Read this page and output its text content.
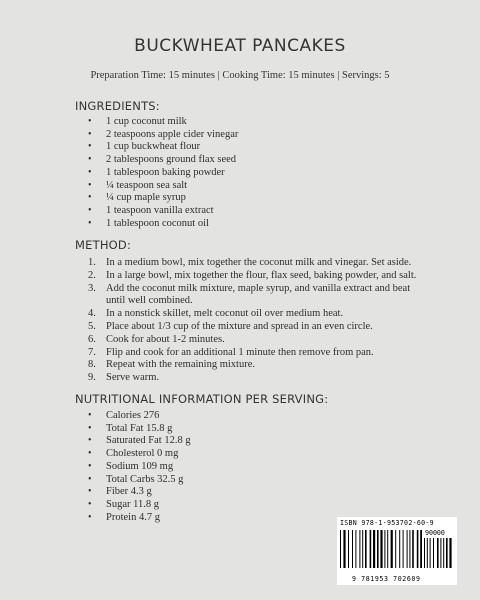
BUCKWHEAT PANCAKES
Preparation Time: 15 minutes | Cooking Time: 15 minutes | Servings: 5
INGREDIENTS:
• 1 cup coconut milk
• 2 teaspoons apple cider vinegar
• 1 cup buckwheat flour
• 2 tablespoons ground flax seed
• 1 tablespoon baking powder
• ¼ teaspoon sea salt
• ¼ cup maple syrup
• 1 teaspoon vanilla extract
• 1 tablespoon coconut oil
METHOD:
1. In a medium bowl, mix together the coconut milk and vinegar. Set aside.
2. In a large bowl, mix together the flour, flax seed, baking powder, and salt.
3. Add the coconut milk mixture, maple syrup, and vanilla extract and beat until well combined.
4. In a nonstick skillet, melt coconut oil over medium heat.
5. Place about 1/3 cup of the mixture and spread in an even circle.
6. Cook for about 1-2 minutes.
7. Flip and cook for an additional 1 minute then remove from pan.
8. Repeat with the remaining mixture.
9. Serve warm.
NUTRITIONAL INFORMATION PER SERVING:
• Calories 276
• Total Fat 15.8 g
• Saturated Fat 12.8 g
• Cholesterol 0 mg
• Sodium 109 mg
• Total Carbs 32.5 g
• Fiber 4.3 g
• Sugar 11.8 g
• Protein 4.7 g
ISBN 978-1-953702-60-9
90000
9 781953 702609
